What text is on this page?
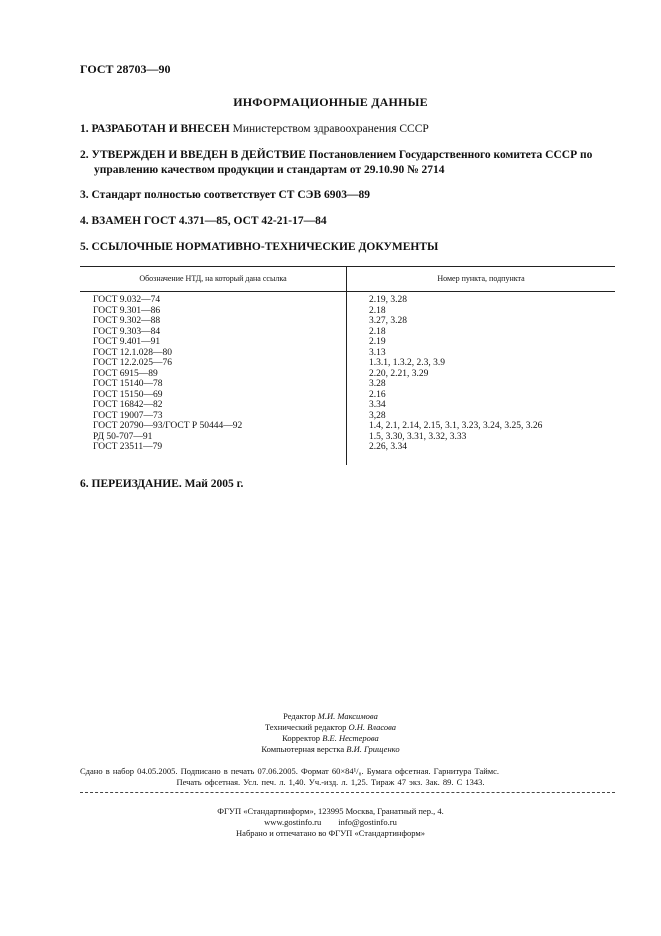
ГОСТ 28703—90
ИНФОРМАЦИОННЫЕ ДАННЫЕ
1. РАЗРАБОТАН И ВНЕСЕН Министерством здравоохранения СССР
2. УТВЕРЖДЕН И ВВЕДЕН В ДЕЙСТВИЕ Постановлением Государственного комитета СССР по управлению качеством продукции и стандартам от 29.10.90 № 2714
3. Стандарт полностью соответствует СТ СЭВ 6903—89
4. ВЗАМЕН ГОСТ 4.371—85, ОСТ 42-21-17—84
5. ССЫЛОЧНЫЕ НОРМАТИВНО-ТЕХНИЧЕСКИЕ ДОКУМЕНТЫ
Обозначение НТД, на который дана ссылка	Номер пункта, подпункта
ГОСТ 9.032—74
ГОСТ 9.301—86
ГОСТ 9.302—88
ГОСТ 9.303—84
ГОСТ 9.401—91
ГОСТ 12.1.028—80
ГОСТ 12.2.025—76
ГОСТ 6915—89
ГОСТ 15140—78
ГОСТ 15150—69
ГОСТ 16842—82
ГОСТ 19007—73
ГОСТ 20790—93/ГОСТ Р 50444—92
РД 50-707—91
ГОСТ 23511—79
2.19, 3.28
2.18
3.27, 3.28
2.18
2.19
3.13
1.3.1, 1.3.2, 2.3, 3.9
2.20, 2.21, 3.29
3.28
2.16
3.34
3,28
1.4, 2.1, 2.14, 2.15, 3.1, 3.23, 3.24, 3.25, 3.26
1.5, 3.30, 3.31, 3.32, 3.33
2.26, 3.34
6. ПЕРЕИЗДАНИЕ. Май 2005 г.
Редактор М.И. Максимова
Технический редактор О.Н. Власова
Корректор В.Е. Нестерова
Компьютерная верстка В.И. Грищенко
Сдано в набор 04.05.2005. Подписано в печать 07.06.2005. Формат 60×84¹/₈. Бумага офсетная. Гарнитура Таймс.
Печать офсетная. Усл. печ. л. 1,40. Уч.-изд. л. 1,25. Тираж 47 экз. Зак. 89. С 1343.
ФГУП «Стандартинформ», 123995 Москва, Гранатный пер., 4.
www.gostinfo.ru info@gostinfo.ru
Набрано и отпечатано во ФГУП «Стандартинформ»
